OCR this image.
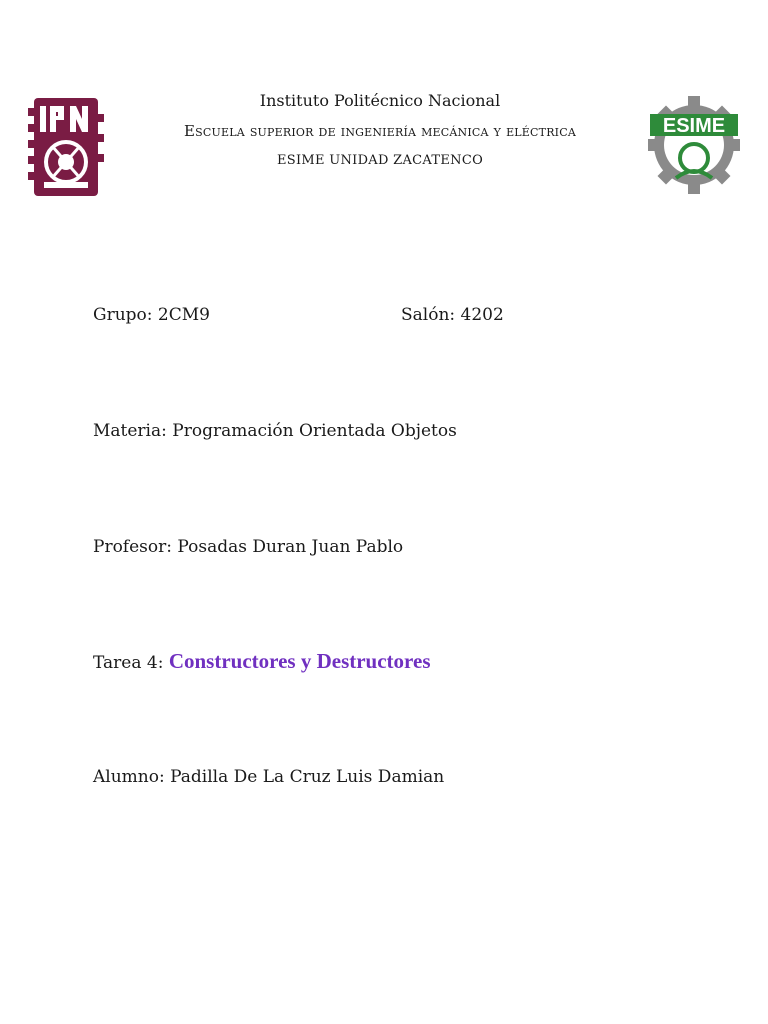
ESIME
Instituto Politécnico Nacional
Escuela superior de ingeniería mecánica y eléctrica
ESIME UNIDAD ZACATENCO
Grupo: 2CM9	Salón: 4202
Materia: Programación Orientada Objetos
Profesor: Posadas Duran Juan Pablo
Tarea 4: Constructores y Destructores
Alumno: Padilla De La Cruz Luis Damian
